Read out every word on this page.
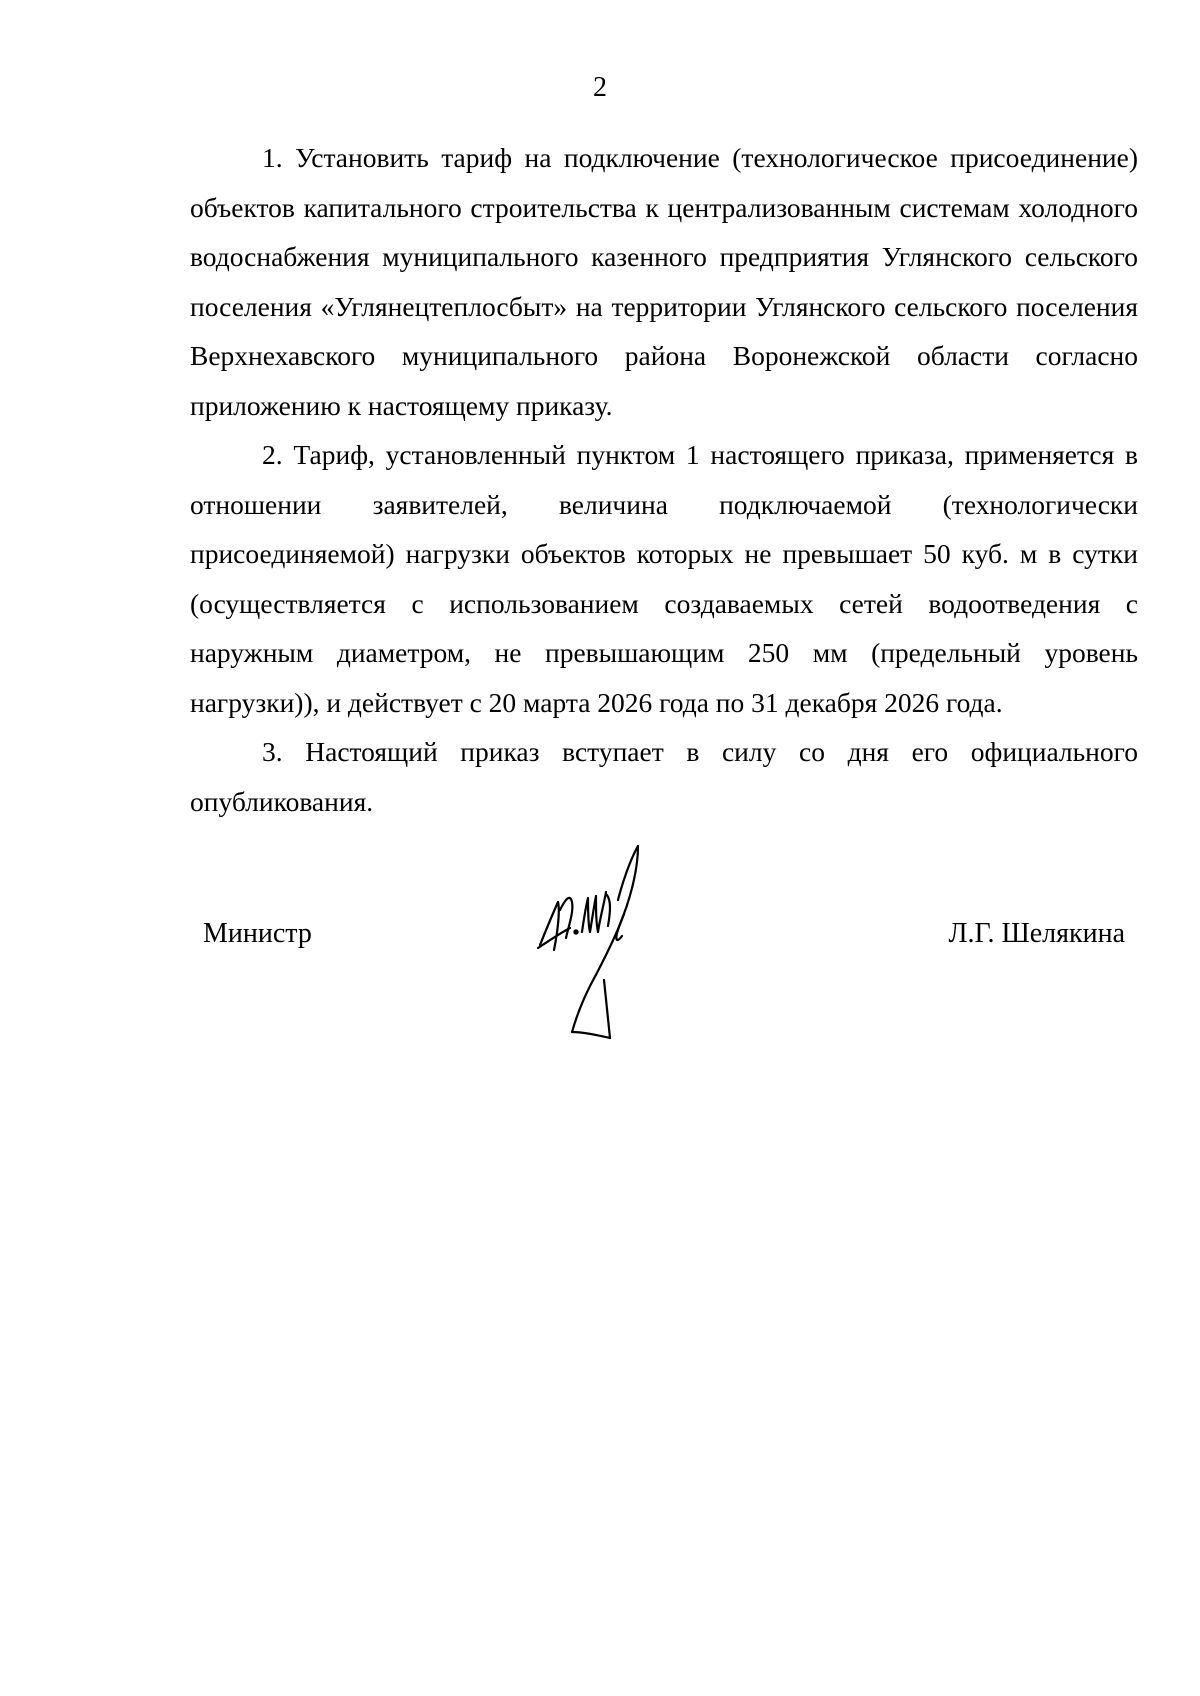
2

1. Установить тариф на подключение (технологическое присоединение) объектов капитального строительства к централизованным системам холодного водоснабжения муниципального казенного предприятия Углянского сельского поселения «Углянецтеплосбыт» на территории Углянского сельского поселения Верхнехавского муниципального района Воронежской области согласно приложению к настоящему приказу.

2. Тариф, установленный пунктом 1 настоящего приказа, применяется в отношении заявителей, величина подключаемой (технологически присоединяемой) нагрузки объектов которых не превышает 50 куб. м в сутки (осуществляется с использованием создаваемых сетей водоотведения с наружным диаметром, не превышающим 250 мм (предельный уровень нагрузки)), и действует с 20 марта 2026 года по 31 декабря 2026 года.

3. Настоящий приказ вступает в силу со дня его официального опубликования.

Министр	Л.Г. Шелякина
